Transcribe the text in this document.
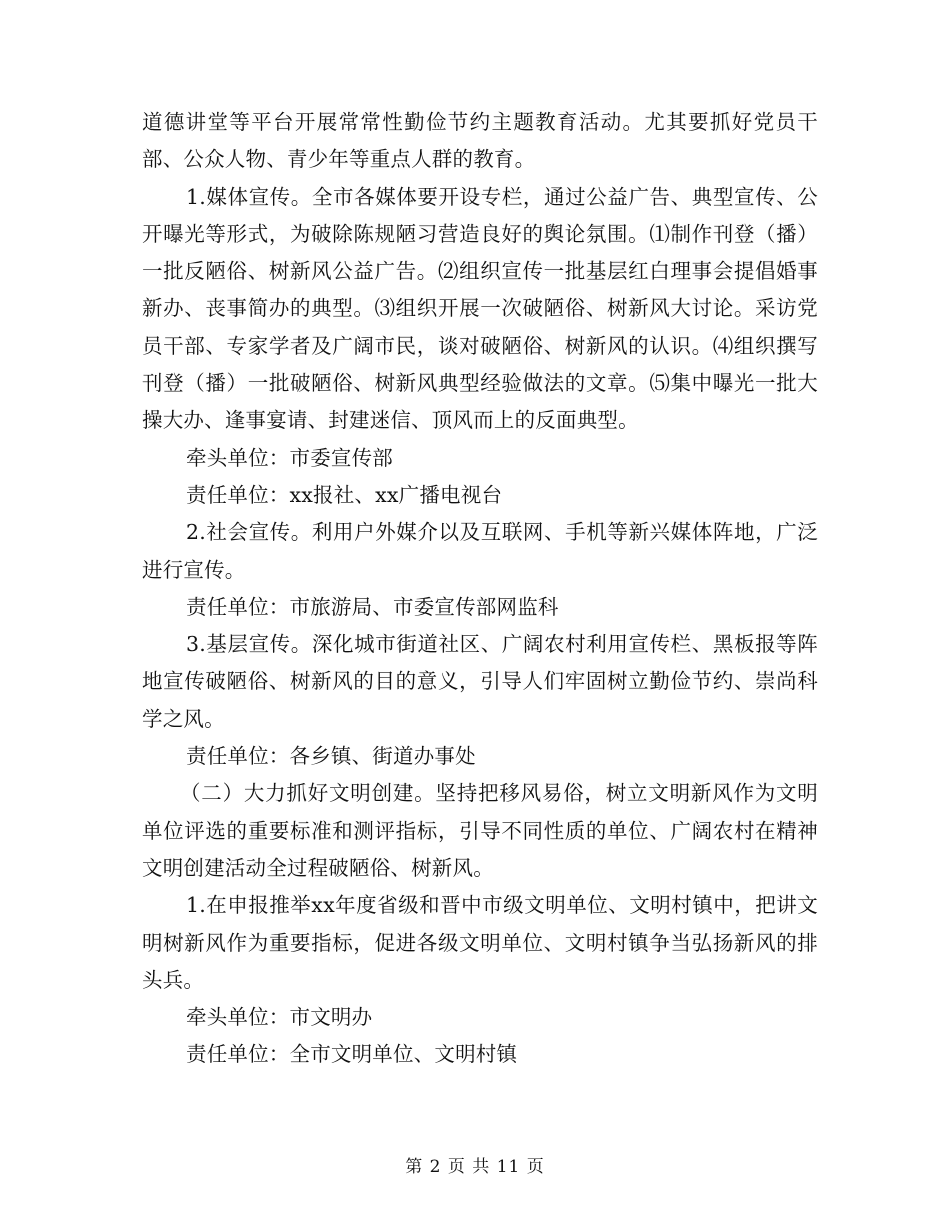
道德讲堂等平台开展常常性勤俭节约主题教育活动。尤其要抓好党员干部、公众人物、青少年等重点人群的教育。

1.媒体宣传。全市各媒体要开设专栏，通过公益广告、典型宣传、公开曝光等形式，为破除陈规陋习营造良好的舆论氛围。⑴制作刊登（播）一批反陋俗、树新风公益广告。⑵组织宣传一批基层红白理事会提倡婚事新办、丧事简办的典型。⑶组织开展一次破陋俗、树新风大讨论。采访党员干部、专家学者及广阔市民，谈对破陋俗、树新风的认识。⑷组织撰写刊登（播）一批破陋俗、树新风典型经验做法的文章。⑸集中曝光一批大操大办、逢事宴请、封建迷信、顶风而上的反面典型。

牵头单位：市委宣传部

责任单位：xx报社、xx广播电视台

2.社会宣传。利用户外媒介以及互联网、手机等新兴媒体阵地，广泛进行宣传。

责任单位：市旅游局、市委宣传部网监科

3.基层宣传。深化城市街道社区、广阔农村利用宣传栏、黑板报等阵地宣传破陋俗、树新风的目的意义，引导人们牢固树立勤俭节约、崇尚科学之风。

责任单位：各乡镇、街道办事处

（二）大力抓好文明创建。坚持把移风易俗，树立文明新风作为文明单位评选的重要标准和测评指标，引导不同性质的单位、广阔农村在精神文明创建活动全过程破陋俗、树新风。

1.在申报推举xx年度省级和晋中市级文明单位、文明村镇中，把讲文明树新风作为重要指标，促进各级文明单位、文明村镇争当弘扬新风的排头兵。

牵头单位：市文明办

责任单位：全市文明单位、文明村镇

第 2 页 共 11 页
